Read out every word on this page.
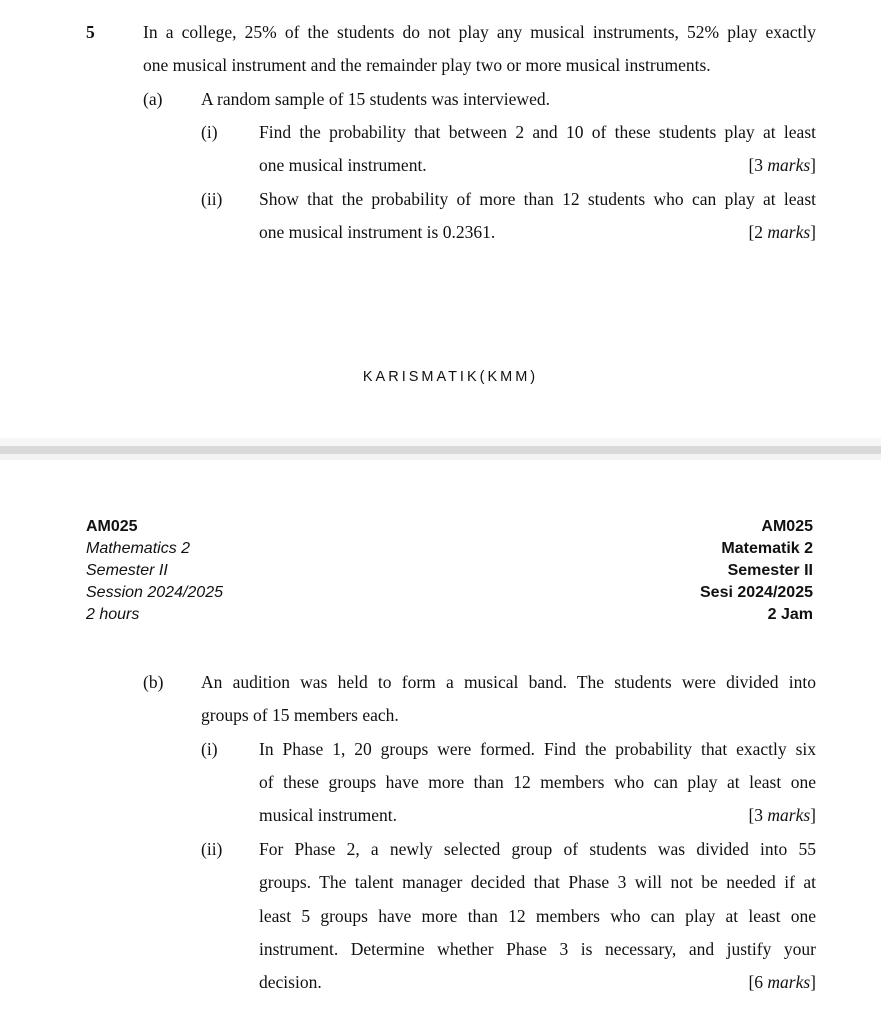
5	In a college, 25% of the students do not play any musical instruments, 52% play exactly
one musical instrument and the remainder play two or more musical instruments.
(a) A random sample of 15 students was interviewed.
(i) Find the probability that between 2 and 10 of these students play at least
one musical instrument.	[3 marks]
(ii) Show that the probability of more than 12 students who can play at least
one musical instrument is 0.2361.	[2 marks]
KARISMATIK(KMM)
AM025
Mathematics 2
Semester II
Session 2024/2025
2 hours
AM025
Matematik 2
Semester II
Sesi 2024/2025
2 Jam
(b) An audition was held to form a musical band. The students were divided into
groups of 15 members each.
(i) In Phase 1, 20 groups were formed. Find the probability that exactly six
of these groups have more than 12 members who can play at least one
musical instrument.	[3 marks]
(ii) For Phase 2, a newly selected group of students was divided into 55
groups. The talent manager decided that Phase 3 will not be needed if at
least 5 groups have more than 12 members who can play at least one
instrument. Determine whether Phase 3 is necessary, and justify your
decision.	[6 marks]
